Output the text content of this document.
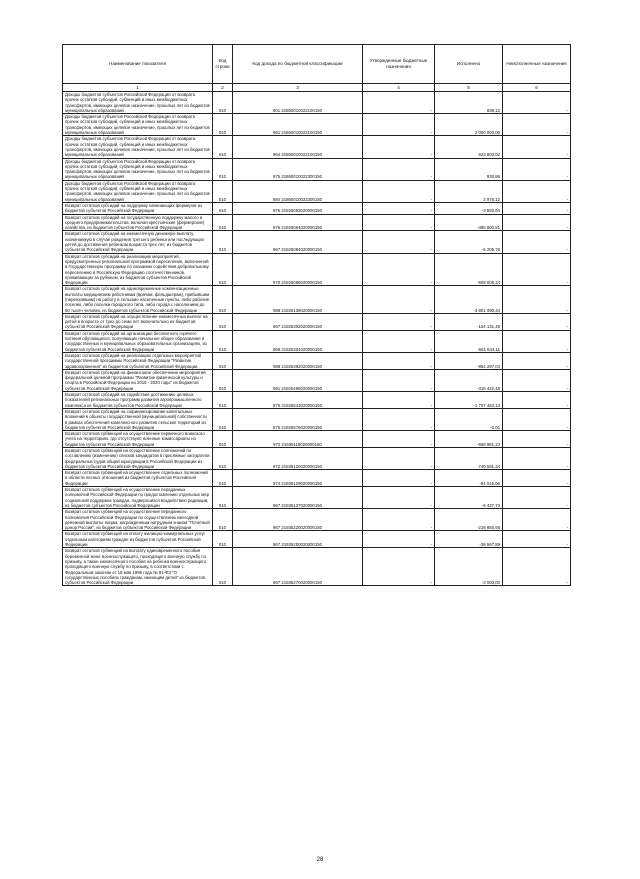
Наименование показателя	Код строки	Код дохода по бюджетной классификации	Утвержденные бюджетные назначения	Исполнено	Неисполненные назначения
1	2	3	4	5	6
Доходы бюджетов субъектов Российской Федерации от возврата прочих остатков субсидий, субвенций и иных межбюджетных трансфертов, имеющих целевое назначение, прошлых лет из бюджетов муниципальных образований	010	801 21860010022100150	-	839,12	-
Доходы бюджетов субъектов Российской Федерации от возврата прочих остатков субсидий, субвенций и иных межбюджетных трансфертов, имеющих целевое назначение, прошлых лет из бюджетов муниципальных образований	010	961 21860010022100150	-	2 000 000,00	-
Доходы бюджетов субъектов Российской Федерации от возврата прочих остатков субсидий, субвенций и иных межбюджетных трансфертов, имеющих целевое назначение, прошлых лет из бюджетов муниципальных образований	010	964 21860010022100150	-	923 803,02	-
Доходы бюджетов субъектов Российской Федерации от возврата прочих остатков субсидий, субвенций и иных межбюджетных трансфертов, имеющих целевое назначение, прошлых лет из бюджетов муниципальных образований	010	975 21860010022300150	-	930,86	-
Доходы бюджетов субъектов Российской Федерации от возврата прочих остатков субсидий, субвенций и иных межбюджетных трансфертов, имеющих целевое назначение, прошлых лет из бюджетов муниципальных образований	010	984 21860010022300150	-	2 978,12	-
Возврат остатков субсидий на поддержку начинающих фермеров из бюджетов субъектов Российской Федерации	010	975 21925053020000150	-	-3 593,64	-
Возврат остатков субсидий на государственную поддержку малого и среднего предпринимательства, включая крестьянские (фермерские) хозяйства, из бюджетов субъектов Российской Федерации	010	976 21925064020000150	-	-485 800,81	-
Возврат остатков субсидий на ежемесячную денежную выплату, назначаемую в случае рождения третьего ребенка или последующих детей до достижения ребенком возраста трех лет, из бюджетов субъектов Российской Федерации	010	967 21925084020000150	-	-5 205,76	-
Возврат остатков субсидий на реализацию мероприятий, предусмотренных региональной программой переселения, включенной в Государственную программу по оказанию содействия добровольному переселению в Российскую Федерацию соотечественников, проживающих за рубежом, из бюджетов субъектов Российской Федерации	010	970 21925086020000150	-	-509 008,24	-
Возврат остатков субсидий на единовременные компенсационные выплаты медицинским работникам (врачам, фельдшерам), прибывшим (переехавшим) на работу в сельские населенные пункты, либо рабочие поселки, либо поселки городского типа, либо города с населением до 50 тысяч человек, из бюджетов субъектов Российской Федерации	010	988 21925138020000150	-	-3 801 090,44	-
Возврат остатков субсидий на осуществление ежемесячных выплат на детей в возрасте от трех до семи лет включительно из бюджетов субъектов Российской Федерации	010	967 21925302020000150	-	-154 131,49	-
Возврат остатков субсидий на организацию бесплатного горячего питания обучающихся, получающих начальное общее образование в государственных и муниципальных образовательных организациях, из бюджетов субъектов Российской Федерации	010	968 21925304020000150	-	-661 643,11	-
Возврат остатков субсидий на реализацию отдельных мероприятий государственной программы Российской Федерации "Развитие здравоохранения" из бюджетов субъектов Российской Федерации	010	988 21925382020000150	-	-854 297,04	-
Возврат остатков субсидий на финансовое обеспечение мероприятий федеральной целевой программы "Развитие физической культуры и спорта в Российской Федерации на 2016 - 2020 годы" из бюджетов субъектов Российской Федерации	010	991 21925495020000150	-	-315 422,48	-
Возврат остатков субсидий на содействие достижению целевых показателей региональных программ развития агропромышленного комплекса из бюджетов субъектов Российской Федерации	010	975 21925543020000150	-	-1 707 463,13	-
Возврат остатков субсидий на софинансирование капитальных вложений в объекты государственной (муниципальной) собственности в рамках обеспечения комплексного развития сельских территорий из бюджетов субъектов Российской Федерации	010	975 21925576020000150	-	-0,01	-
Возврат остатков субвенций на осуществление первичного воинского учета на территориях, где отсутствуют военные комиссариаты из бюджетов субъектов Российской Федерации	010	972 21935118020000150	-	-558 881,23	-
Возврат остатков субвенций на осуществление полномочий по составлению (изменению) списков кандидатов в присяжные заседатели федеральных судов общей юрисдикции в Российской Федерации из бюджетов субъектов Российской Федерации	010	972 21935120020000150	-	-740 591,34	-
Возврат остатков субвенций на осуществление отдельных полномочий в области лесных отношений из бюджетов субъектов Российской Федерации	010	974 21935129020000150	-	-94 015,06	-
Возврат остатков субвенций на осуществление переданных полномочий Российской Федерации по предоставлению отдельных мер социальной поддержки граждан, подвергшихся воздействию радиации, из бюджетов субъектов Российской Федерации	010	967 21935137020000150	-	-6 437,73	-
Возврат остатков субвенций на осуществление переданного полномочия Российской Федерации по осуществлению ежегодной денежной выплаты лицам, награжденным нагрудным знаком "Почетный донор России", из бюджетов субъектов Российской Федерации	010	967 21935220020000150	-	-216 850,66	-
Возврат остатков субвенций на оплату жилищно-коммунальных услуг отдельным категориям граждан из бюджетов субъектов Российской Федерации	010	967 21935250020000150	-	-38 567,89	-
Возврат остатков субвенций на выплату единовременного пособия беременной жене военнослужащего, проходящего военную службу по призыву, а также ежемесячного пособия на ребенка военнослужащего, проходящего военную службу по призыву, в соответствии с Федеральным законом от 19 мая 1995 года № 81-ФЗ "О государственных пособиях гражданам, имеющим детей" из бюджетов субъектов Российской Федерации	010	967 21935270020000150	-	-3 000,00	-
28
